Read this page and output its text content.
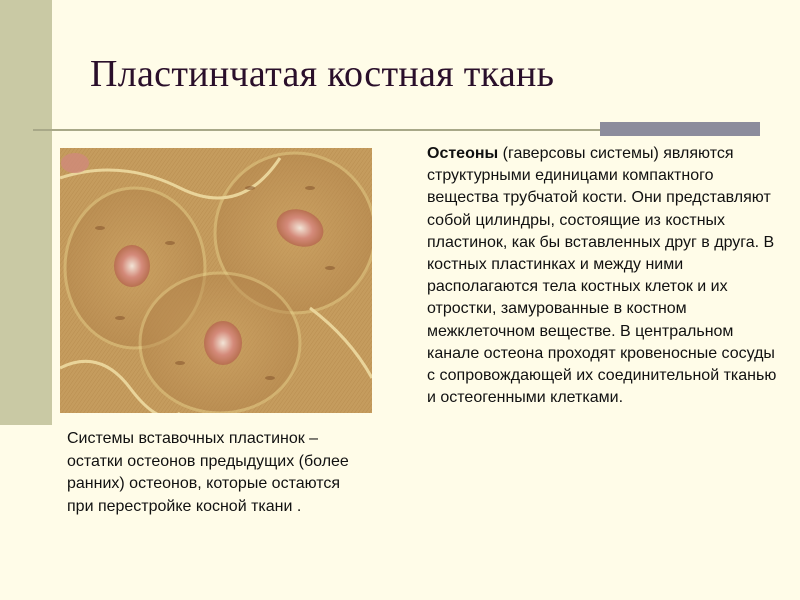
Пластинчатая костная ткань
Остеоны (гаверсовы системы) являются структурными единицами компактного вещества трубчатой кости. Они представляют собой цилиндры, состоящие из костных пластинок, как бы вставленных друг в друга. В костных пластинках и между ними располагаются тела костных клеток и их отростки, замурованные в костном межклеточном веществе. В центральном канале остеона проходят кровеносные сосуды с сопровождающей их соединительной тканью и остеогенными клетками.
Системы вставочных пластинок – остатки остеонов предыдущих (более ранних) остеонов, которые остаются при перестройке косной ткани .
